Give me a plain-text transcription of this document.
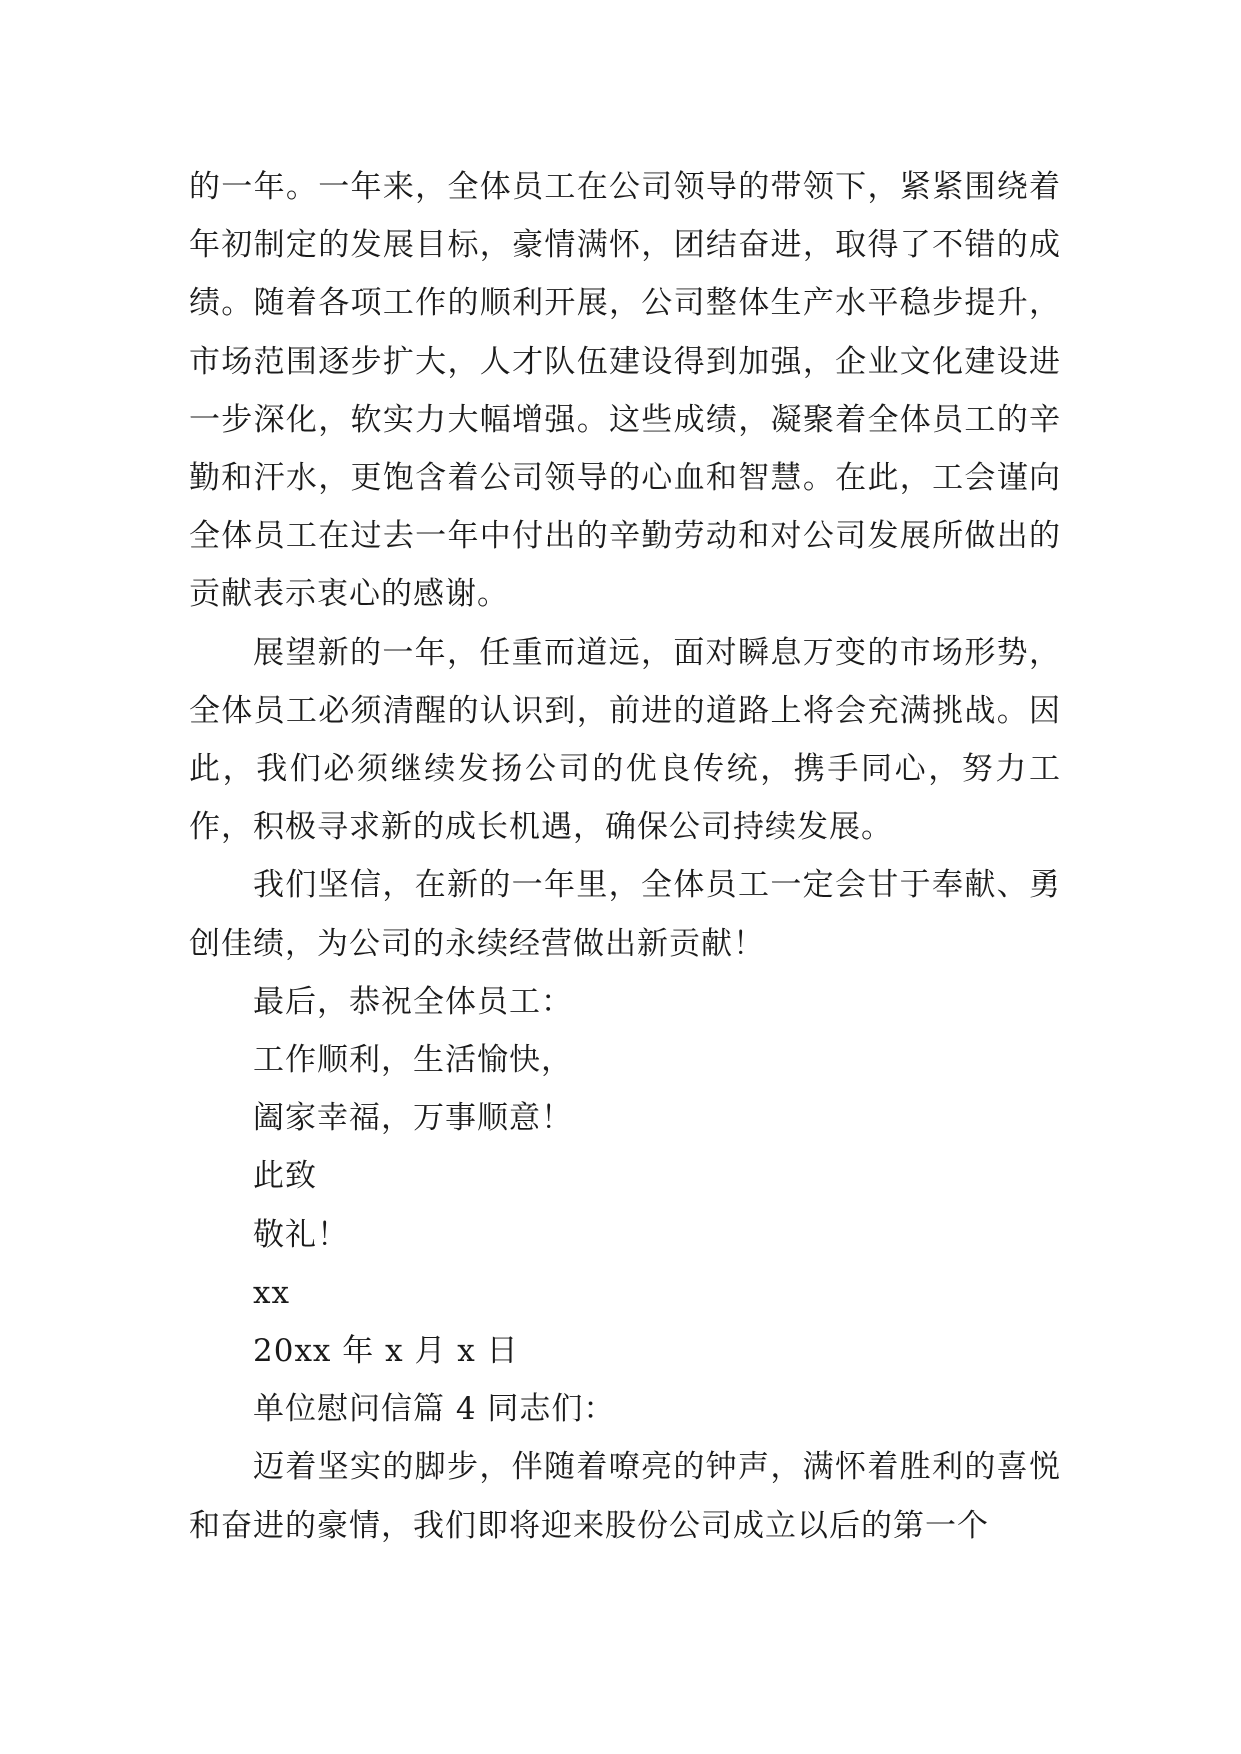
的一年。一年来，全体员工在公司领导的带领下，紧紧围绕着年初制定的发展目标，豪情满怀，团结奋进，取得了不错的成绩。随着各项工作的顺利开展，公司整体生产水平稳步提升，市场范围逐步扩大，人才队伍建设得到加强，企业文化建设进一步深化，软实力大幅增强。这些成绩，凝聚着全体员工的辛勤和汗水，更饱含着公司领导的心血和智慧。在此，工会谨向全体员工在过去一年中付出的辛勤劳动和对公司发展所做出的贡献表示衷心的感谢。

展望新的一年，任重而道远，面对瞬息万变的市场形势，全体员工必须清醒的认识到，前进的道路上将会充满挑战。因此，我们必须继续发扬公司的优良传统，携手同心，努力工作，积极寻求新的成长机遇，确保公司持续发展。

我们坚信，在新的一年里，全体员工一定会甘于奉献、勇创佳绩，为公司的永续经营做出新贡献！

最后，恭祝全体员工：

工作顺利，生活愉快，

阖家幸福，万事顺意！

此致

敬礼！

xx

20xx 年 x 月 x 日

单位慰问信篇 4 同志们：

迈着坚实的脚步，伴随着嘹亮的钟声，满怀着胜利的喜悦和奋进的豪情，我们即将迎来股份公司成立以后的第一个
